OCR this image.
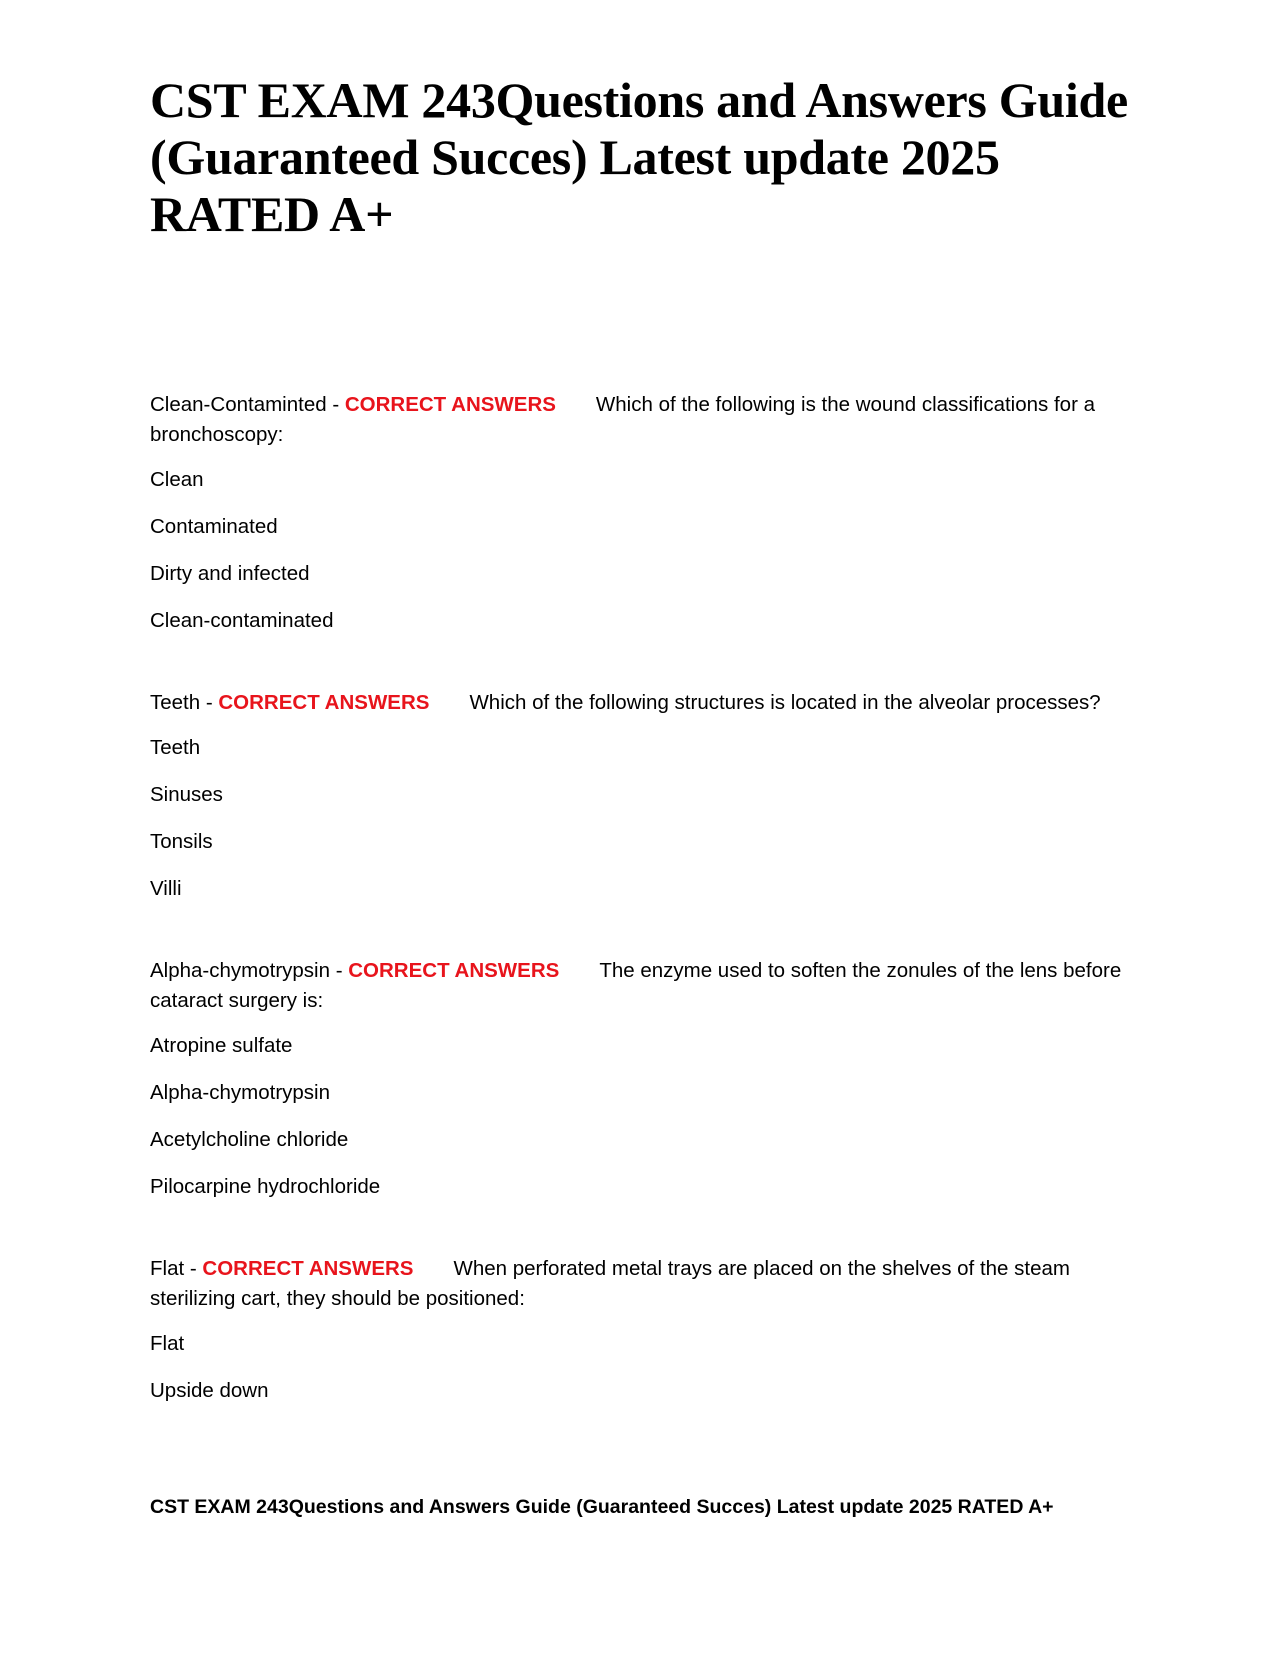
CST EXAM 243Questions and Answers Guide (Guaranteed Succes) Latest update 2025 RATED A+

Clean-Contaminted - CORRECT ANSWERS Which of the following is the wound classifications for a bronchoscopy:

Clean

Contaminated

Dirty and infected

Clean-contaminated

Teeth - CORRECT ANSWERS Which of the following structures is located in the alveolar processes?

Teeth

Sinuses

Tonsils

Villi

Alpha-chymotrypsin - CORRECT ANSWERS The enzyme used to soften the zonules of the lens before cataract surgery is:

Atropine sulfate

Alpha-chymotrypsin

Acetylcholine chloride

Pilocarpine hydrochloride

Flat - CORRECT ANSWERS When perforated metal trays are placed on the shelves of the steam sterilizing cart, they should be positioned:

Flat

Upside down

CST EXAM 243Questions and Answers Guide (Guaranteed Succes) Latest update 2025 RATED A+
